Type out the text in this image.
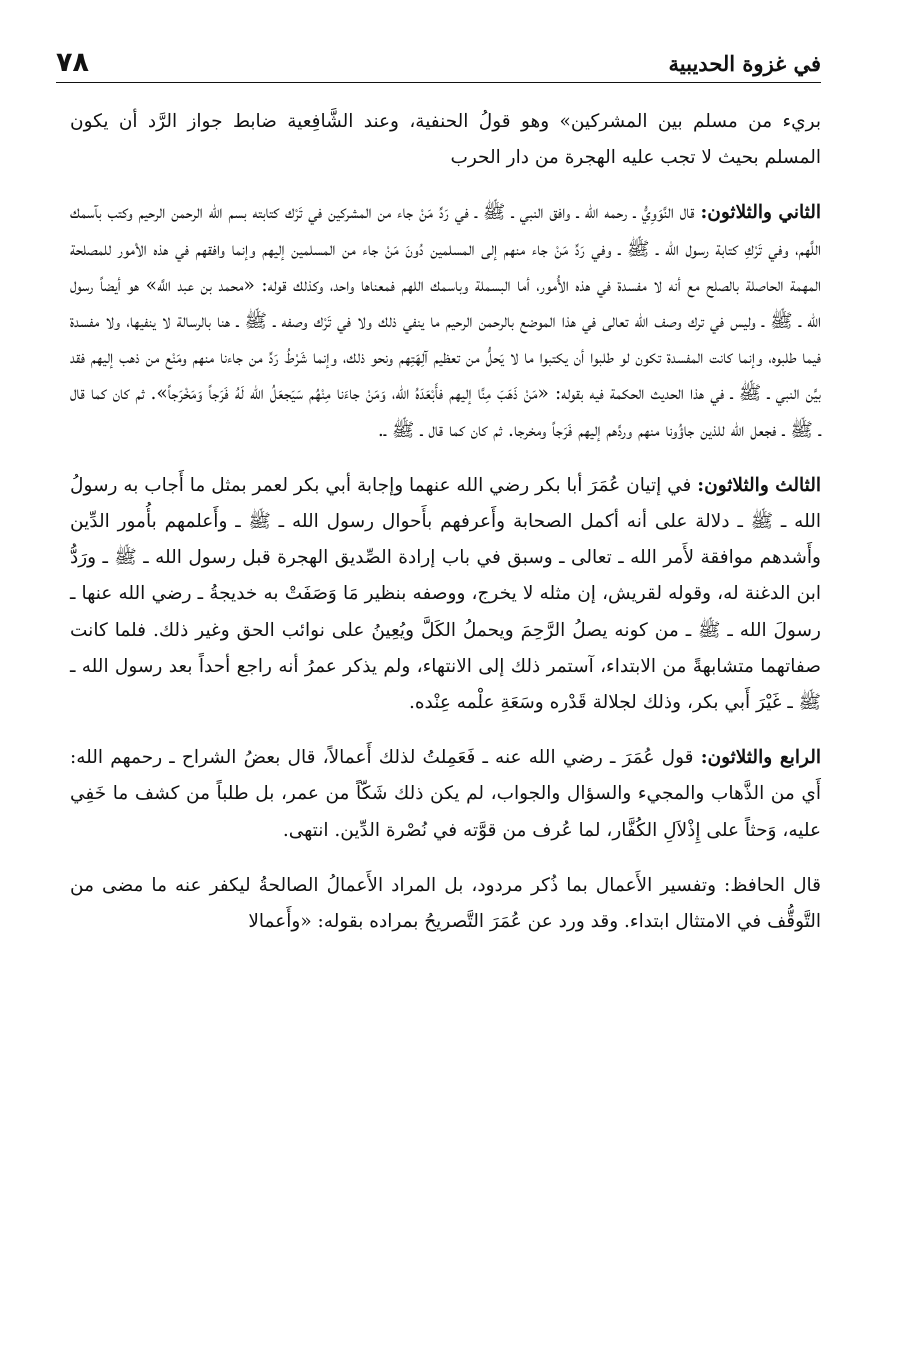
في غزوة الحديبية
٧٨

بريء من مسلم بين المشركين» وهو قولُ الحنفية، وعند الشَّافِعية ضابط جواز الرَّد أن يكون المسلم بحيث لا تجب عليه الهجرة من دار الحرب

الثاني والثلاثون: قال النَّوَوِيُّ ـ رحمه الله ـ وافق النبي ـ ﷺ ـ في رَدِّ مَنْ جاء من المشركين في تَرْك كتابته بسم الله الرحمن الرحيم وكتب بآسمك اللَّهم، وفي تَرْكِ كتابة رسول الله ـ ﷺ ـ وفي رَدِّ مَنْ جاء منهم إلى المسلمين دُونَ مَنْ جاء من المسلمين إليهم وإنما وافقهم في هذه الأمور للمصلحة المهمة الحاصلة بالصلح مع أنه لا مفسدة في هذه الأُمور، أما البسملة وباسمك اللهم فمعناها واحد، وكذلك قوله: «محمد بن عبد اللَّه» هو أيضاً رسول الله ـ ﷺ ـ وليس في ترك وصف الله تعالى في هذا الموضع بالرحمن الرحيم ما ينفي ذلك ولا في تَرْك وصفه ـ ﷺ ـ هنا بالرسالة لا ينفيها، ولا مفسدة فيما طلبوه، وإنما كانت المفسدة تكون لو طلبوا أن يكتبوا ما لا يَحلُّ من تعظيم آلِهَتِهم ونحو ذلك، وإنما شَرْطُ رَدِّ من جاءنا منهم ومَنْع من ذهب إليهم فقد بيَّن النبي ـ ﷺ ـ في هذا الحديث الحكمة فيه بقوله: «مَنْ ذَهَبَ مِنَّا إليهم فأَبْعَدَهُ الله، وَمَنْ جاءَنا مِنْهُم سَيَجعَلُ الله لَهُ فَرَجاً وَمَخْرَجاً». ثم كان كما قال ـ ﷺ ـ فجعل الله للذين جاؤُونا منهم وردَّهم إليهم فَرَجاً ومخرجا. ثم كان كما قال ـ ﷺ ـ.

الثالث والثلاثون: في إتيان عُمَرَ أبا بكر رضي الله عنهما وإجابة أبي بكر لعمر بمثل ما أَجاب به رسولُ الله ـ ﷺ ـ دلالة على أنه أكمل الصحابة وأَعرفهم بأَحوال رسول الله ـ ﷺ ـ وأَعلمهم بأُمور الدِّين وأَشدهم موافقة لأَمر الله ـ تعالى ـ وسبق في باب إرادة الصِّديق الهجرة قبل رسول الله ـ ﷺ ـ ورَدُّ ابن الدغنة له، وقوله لقريش، إن مثله لا يخرج، ووصفه بنظير مَا وَصَفَتْ به خديجةُ ـ رضي الله عنها ـ رسولَ الله ـ ﷺ ـ من كونه يصلُ الرَّحِمَ ويحملُ الكَلَّ ويُعِينُ على نوائب الحق وغير ذلك. فلما كانت صفاتهما متشابهةً من الابتداء، آستمر ذلك إلى الانتهاء، ولم يذكر عمرُ أنه راجع أحداً بعد رسول الله ـ ﷺ ـ غَيْرَ أَبي بكر، وذلك لجلالة قَدْره وسَعَةِ علْمه عِنْده.

الرابع والثلاثون: قول عُمَرَ ـ رضي الله عنه ـ فَعَمِلتُ لذلك أَعمالاً، قال بعضُ الشراح ـ رحمهم الله: أَي من الذَّهاب والمجيء والسؤال والجواب، لم يكن ذلك شَكّاً من عمر، بل طلباً من كشف ما خَفِي عليه، وَحثاً على إِذْلاَلِ الكُفَّار، لما عُرف من قوَّته في نُصْرة الدِّين. انتهى.

قال الحافظ: وتفسير الأَعمال بما ذُكر مردود، بل المراد الأَعمالُ الصالحةُ ليكفر عنه ما مضى من التَّوقُّف في الامتثال ابتداء. وقد ورد عن عُمَرَ التَّصريحُ بمراده بقوله: «وأَعمالا
